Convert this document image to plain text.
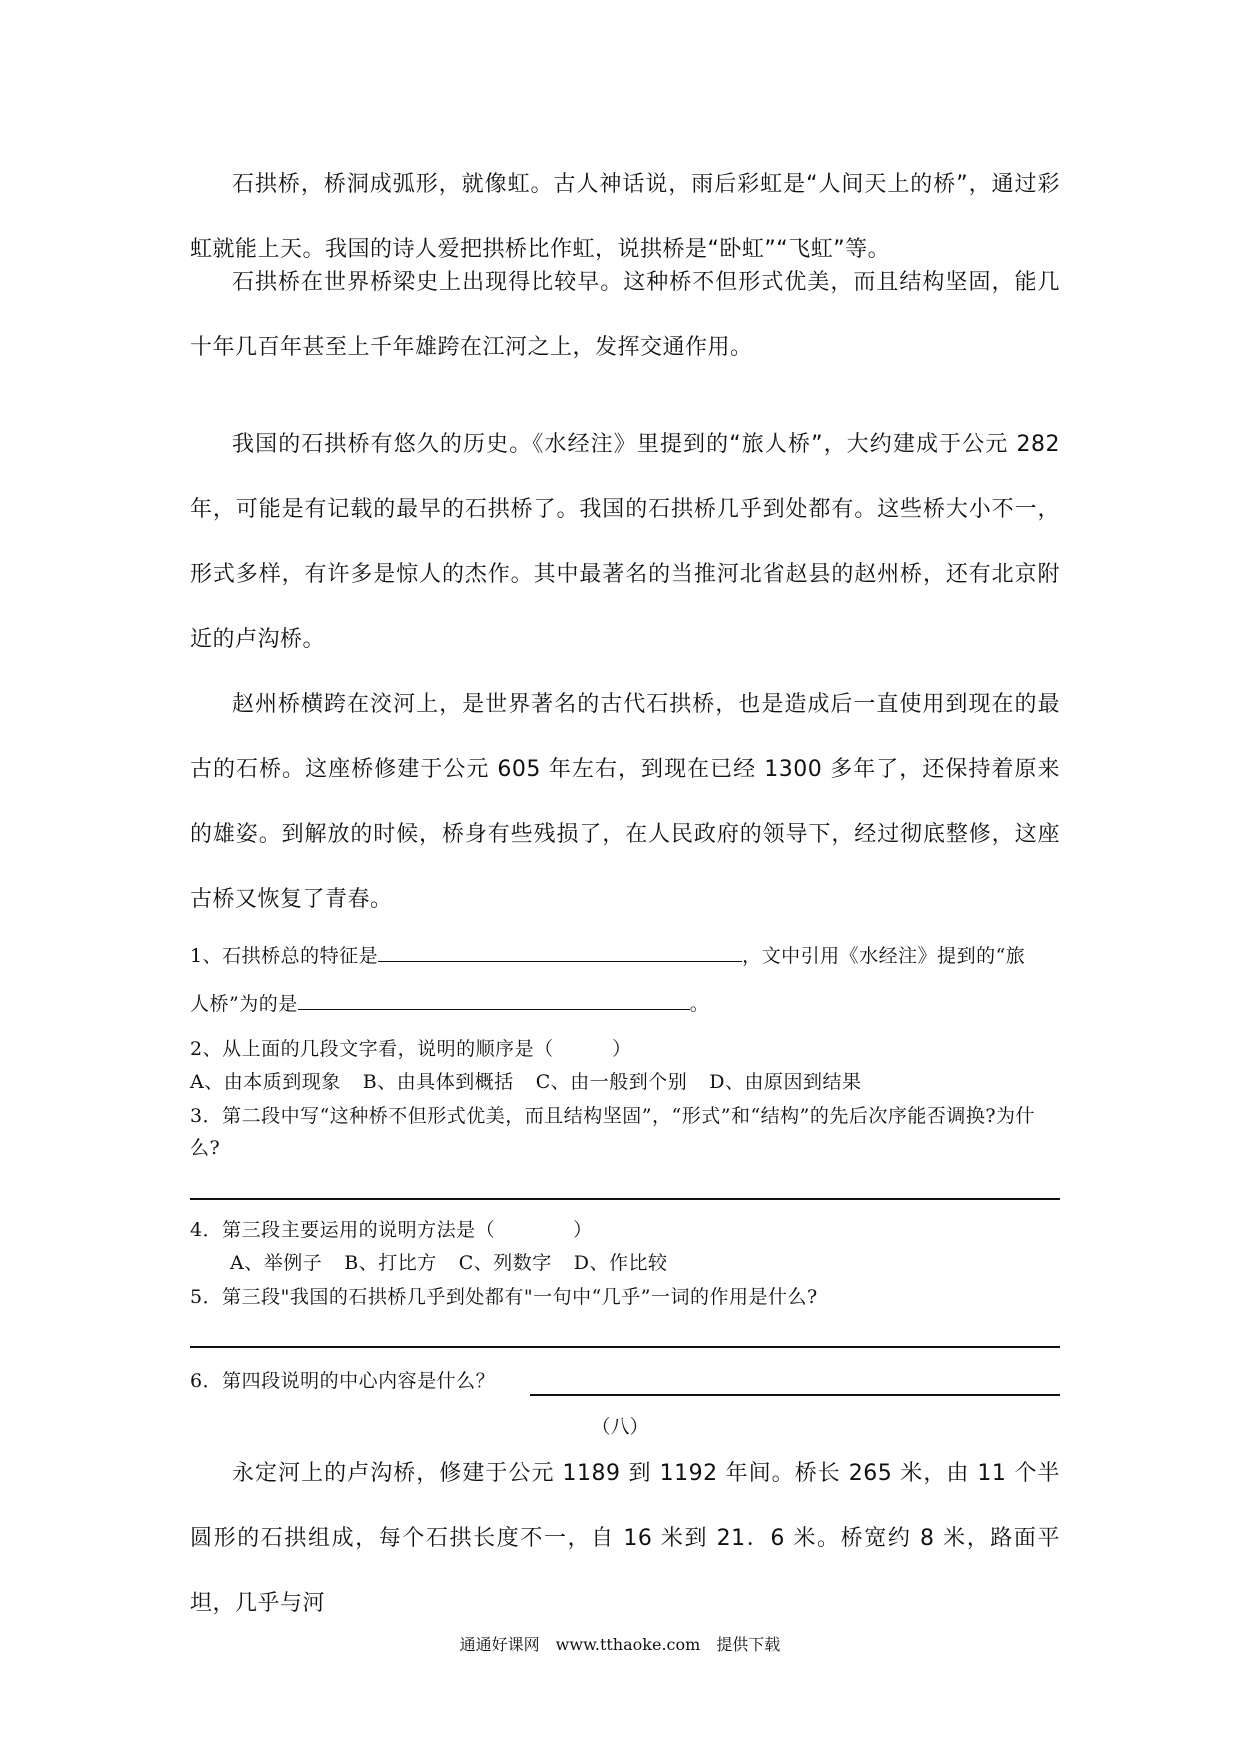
石拱桥，桥洞成弧形，就像虹。古人神话说，雨后彩虹是“人间天上的桥”，通过彩虹就能上天。我国的诗人爱把拱桥比作虹，说拱桥是“卧虹”“飞虹”等。

石拱桥在世界桥梁史上出现得比较早。这种桥不但形式优美，而且结构坚固，能几十年几百年甚至上千年雄跨在江河之上，发挥交通作用。

我国的石拱桥有悠久的历史。《水经注》里提到的“旅人桥”，大约建成于公元 282 年，可能是有记载的最早的石拱桥了。我国的石拱桥几乎到处都有。这些桥大小不一，形式多样，有许多是惊人的杰作。其中最著名的当推河北省赵县的赵州桥，还有北京附近的卢沟桥。

赵州桥横跨在洨河上，是世界著名的古代石拱桥，也是造成后一直使用到现在的最古的石桥。这座桥修建于公元 605 年左右，到现在已经 1300 多年了，还保持着原来的雄姿。到解放的时候，桥身有些残损了，在人民政府的领导下，经过彻底整修，这座古桥又恢复了青春。

1、石拱桥总的特征是	，文中引用《水经注》提到的“旅
人桥”为的是	。
2、从上面的几段文字看，说明的顺序是（　　　）
A、由本质到现象 B、由具体到概括 C、由一般到个别 D、由原因到结果
3．第二段中写“这种桥不但形式优美，而且结构坚固”，“形式”和“结构”的先后次序能否调换?为什么?
4．第三段主要运用的说明方法是（　　　　）
A、举例子 B、打比方 C、列数字 D、作比较
5．第三段"我国的石拱桥几乎到处都有"一句中“几乎”一词的作用是什么?
6．第四段说明的中心内容是什么？
（八）

永定河上的卢沟桥，修建于公元 1189 到 1192 年间。桥长 265 米，由 11 个半圆形的石拱组成，每个石拱长度不一，自 16 米到 21．6 米。桥宽约 8 米，路面平坦，几乎与河

通通好课网　www.tthaoke.com　提供下载
